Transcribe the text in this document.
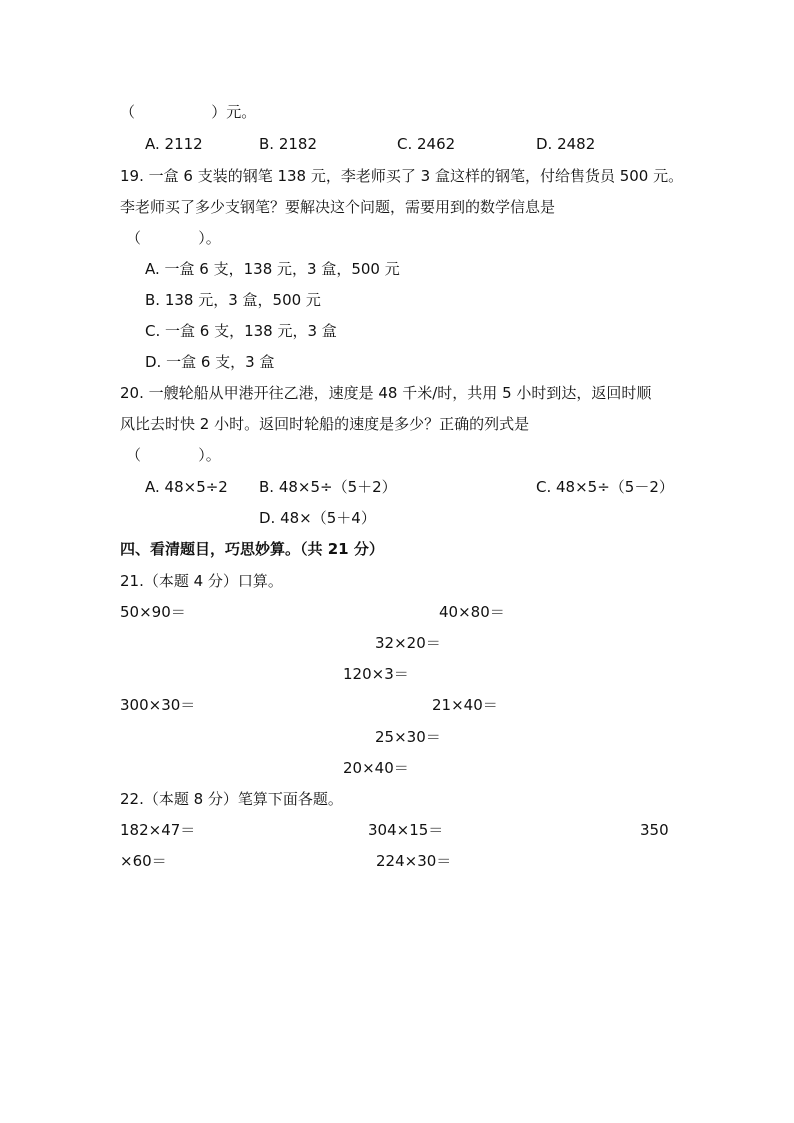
（                ）元。
A. 2112	B. 2182	C. 2462	D. 2482
19. 一盒 6 支装的钢笔 138 元，李老师买了 3 盒这样的钢笔，付给售货员 500 元。
李老师买了多少支钢笔？要解决这个问题，需要用到的数学信息是
（            ）。
A. 一盒 6 支，138 元，3 盒，500 元
B. 138 元，3 盒，500 元
C. 一盒 6 支，138 元，3 盒
D. 一盒 6 支，3 盒
20. 一艘轮船从甲港开往乙港，速度是 48 千米/时，共用 5 小时到达，返回时顺
风比去时快 2 小时。返回时轮船的速度是多少？正确的列式是
（            ）。
A. 48×5÷2 B. 48×5÷（5＋2）	C. 48×5÷（5－2）
D. 48×（5＋4）
四、看清题目，巧思妙算。（共 21 分）
21.（本题 4 分）口算。
50×90＝	40×80＝
32×20＝
120×3＝
300×30＝	21×40＝
25×30＝
20×40＝
22.（本题 8 分）笔算下面各题。
182×47＝	304×15＝	350
×60＝	224×30＝
